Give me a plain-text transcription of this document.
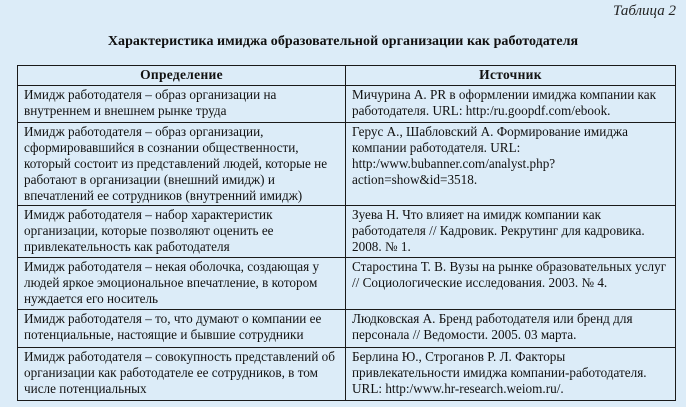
Таблица 2
Характеристика имиджа образовательной организации как работодателя
Определение	Источник
Имидж работодателя – образ организации на внутреннем и внешнем рынке труда	Мичурина А. PR в оформлении имиджа компании как работодателя. URL: http:/ru.goopdf.com/ebook.
Имидж работодателя – образ организации, сформировавшийся в сознании общественности, который состоит из представлений людей, которые не работают в организации (внешний имидж) и впечатлений ее сотрудников (внутренний имидж)	Герус А., Шабловский А. Формирование имиджа компании работодателя. URL: http:/www.bubanner.com/analyst.php?action=show&id=3518.
Имидж работодателя – набор характеристик организации, которые позволяют оценить ее привлекательность как работодателя	Зуева Н. Что влияет на имидж компании как работодателя // Кадровик. Рекрутинг для кадровика. 2008. № 1.
Имидж работодателя – некая оболочка, создающая у людей яркое эмоциональное впечатление, в котором нуждается его носитель	Старостина Т. В. Вузы на рынке образовательных услуг // Социологические исследования. 2003. № 4.
Имидж работодателя – то, что думают о компании ее потенциальные, настоящие и бывшие сотрудники	Людковская А. Бренд работодателя или бренд для персонала // Ведомости. 2005. 03 марта.
Имидж работодателя – совокупность представлений об организации как работодателе ее сотрудников, в том числе потенциальных	Берлина Ю., Строганов Р. Л. Факторы привлекательности имиджа компании-работодателя. URL: http:/www.hr-research.weiom.ru/.
